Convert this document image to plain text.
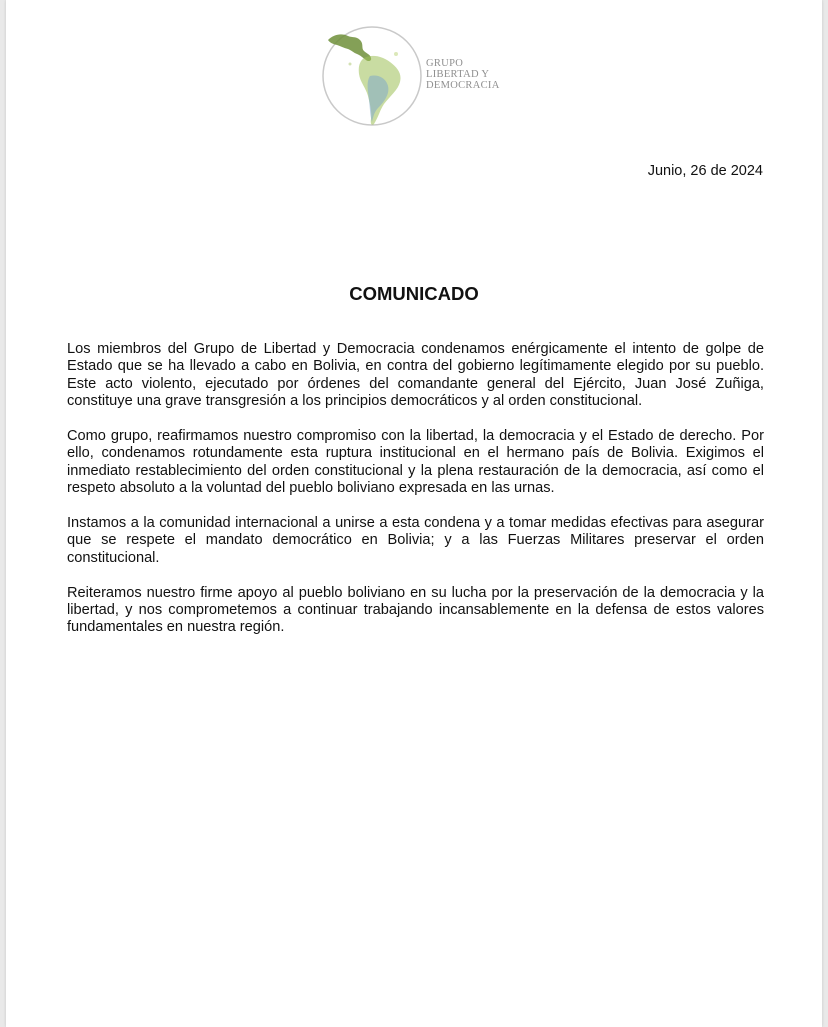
GRUPO
LIBERTAD Y
DEMOCRACIA
Junio, 26 de 2024
COMUNICADO

Los miembros del Grupo de Libertad y Democracia condenamos enérgicamente el intento de golpe de Estado que se ha llevado a cabo en Bolivia, en contra del gobierno legítimamente elegido por su pueblo. Este acto violento, ejecutado por órdenes del comandante general del Ejército, Juan José Zuñiga, constituye una grave transgresión a los principios democráticos y al orden constitucional.

Como grupo, reafirmamos nuestro compromiso con la libertad, la democracia y el Estado de derecho. Por ello, condenamos rotundamente esta ruptura institucional en el hermano país de Bolivia. Exigimos el inmediato restablecimiento del orden constitucional y la plena restauración de la democracia, así como el respeto absoluto a la voluntad del pueblo boliviano expresada en las urnas.

Instamos a la comunidad internacional a unirse a esta condena y a tomar medidas efectivas para asegurar que se respete el mandato democrático en Bolivia; y a las Fuerzas Militares preservar el orden constitucional.

Reiteramos nuestro firme apoyo al pueblo boliviano en su lucha por la preservación de la democracia y la libertad, y nos comprometemos a continuar trabajando incansablemente en la defensa de estos valores fundamentales en nuestra región.
